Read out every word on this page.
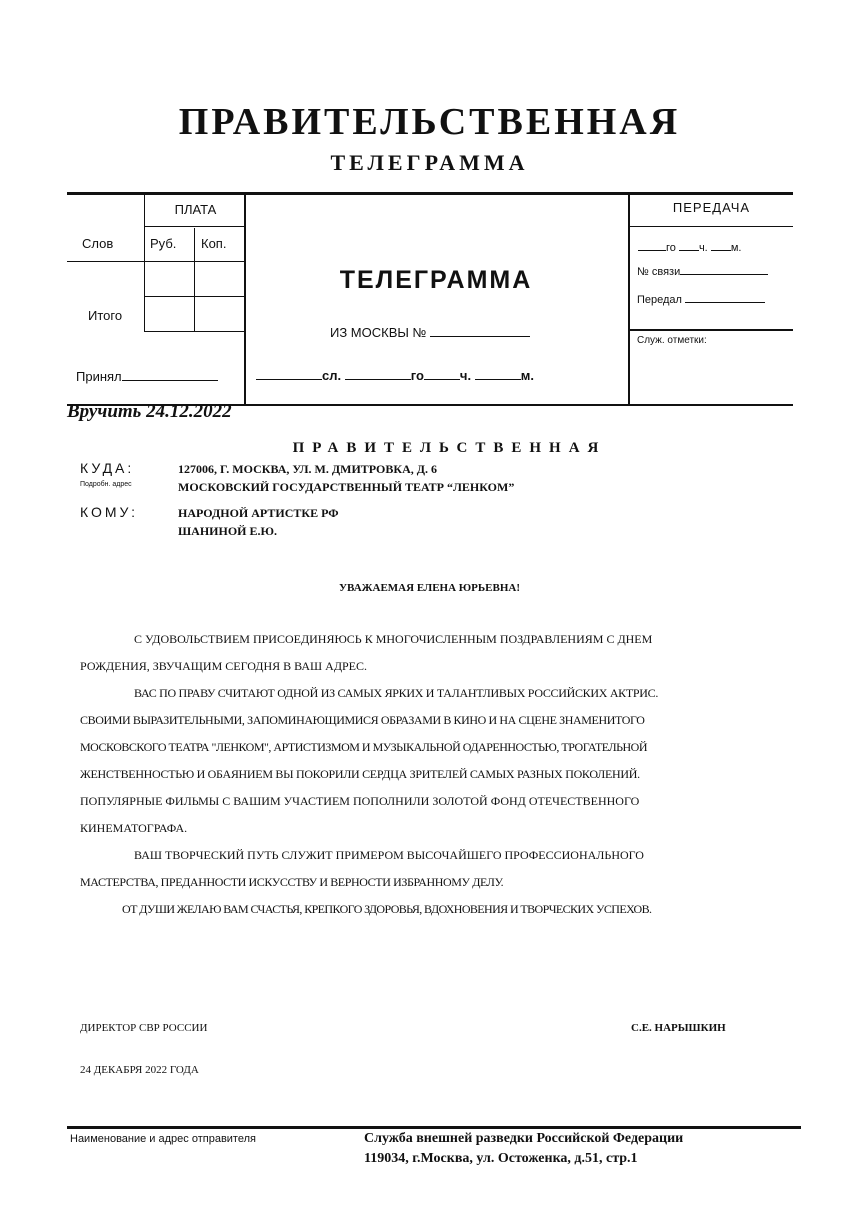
ПРАВИТЕЛЬСТВЕННАЯ
ТЕЛЕГРАММА
ПЛАТА
Слов	Руб. Коп.
Итого
Принял
ТЕЛЕГРАММА
ИЗ МОСКВЫ №
сл.	го	ч.	м.
ПЕРЕДАЧА
го ч. м.
№ связи
Передал
Служ. отметки:
Вручить 24.12.2022
ПРАВИТЕЛЬСТВЕННАЯ
КУДА:	127006, Г. МОСКВА, УЛ. М. ДМИТРОВКА, Д. 6
Подробн. адрес	МОСКОВСКИЙ ГОСУДАРСТВЕННЫЙ ТЕАТР “ЛЕНКОМ”
КОМУ:	НАРОДНОЙ АРТИСТКЕ РФ
ШАНИНОЙ Е.Ю.
УВАЖАЕМАЯ ЕЛЕНА ЮРЬЕВНА!
С УДОВОЛЬСТВИЕМ ПРИСОЕДИНЯЮСЬ К МНОГОЧИСЛЕННЫМ ПОЗДРАВЛЕНИЯМ С ДНЕМ
РОЖДЕНИЯ, ЗВУЧАЩИМ СЕГОДНЯ В ВАШ АДРЕС.
ВАС ПО ПРАВУ СЧИТАЮТ ОДНОЙ ИЗ САМЫХ ЯРКИХ И ТАЛАНТЛИВЫХ РОССИЙСКИХ АКТРИС.
СВОИМИ ВЫРАЗИТЕЛЬНЫМИ, ЗАПОМИНАЮЩИМИСЯ ОБРАЗАМИ В КИНО И НА СЦЕНЕ ЗНАМЕНИТОГО
МОСКОВСКОГО ТЕАТРА "ЛЕНКОМ", АРТИСТИЗМОМ И МУЗЫКАЛЬНОЙ ОДАРЕННОСТЬЮ, ТРОГАТЕЛЬНОЙ
ЖЕНСТВЕННОСТЬЮ И ОБАЯНИЕМ ВЫ ПОКОРИЛИ СЕРДЦА ЗРИТЕЛЕЙ САМЫХ РАЗНЫХ ПОКОЛЕНИЙ.
ПОПУЛЯРНЫЕ ФИЛЬМЫ С ВАШИМ УЧАСТИЕМ ПОПОЛНИЛИ ЗОЛОТОЙ ФОНД ОТЕЧЕСТВЕННОГО
КИНЕМАТОГРАФА.
ВАШ ТВОРЧЕСКИЙ ПУТЬ СЛУЖИТ ПРИМЕРОМ ВЫСОЧАЙШЕГО ПРОФЕССИОНАЛЬНОГО
МАСТЕРСТВА, ПРЕДАННОСТИ ИСКУССТВУ И ВЕРНОСТИ ИЗБРАННОМУ ДЕЛУ.
ОТ ДУШИ ЖЕЛАЮ ВАМ СЧАСТЬЯ, КРЕПКОГО ЗДОРОВЬЯ, ВДОХНОВЕНИЯ И ТВОРЧЕСКИХ УСПЕХОВ.
ДИРЕКТОР СВР РОССИИ	С.Е. НАРЫШКИН
24 ДЕКАБРЯ 2022 ГОДА
Наименование и адрес отправителя	Служба внешней разведки Российской Федерации
119034, г.Москва, ул. Остоженка, д.51, стр.1
